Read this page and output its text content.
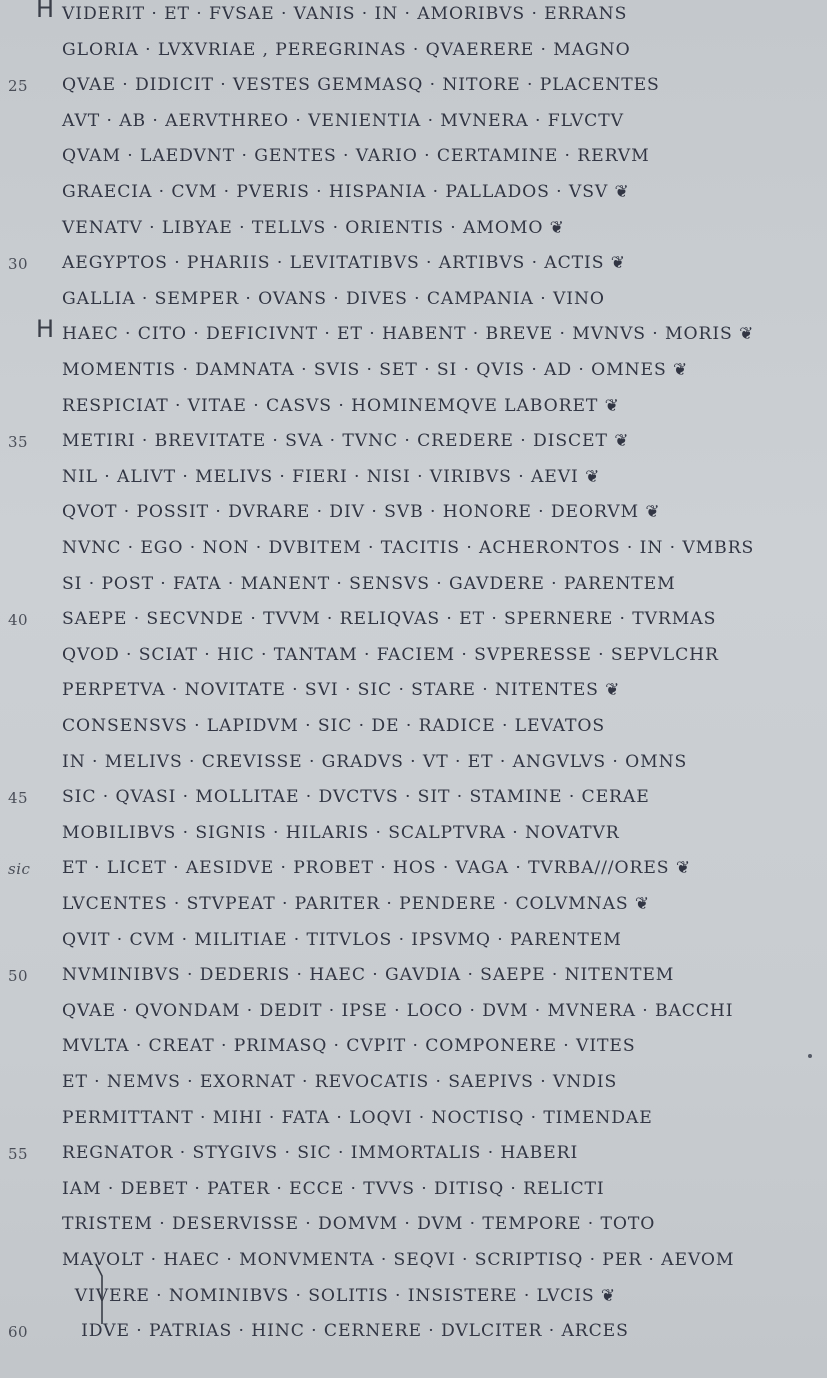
H VIDERIT · ET · FVSAE · VANIS · IN · AMORIBVS · ERRANS
GLORIA · LVXVRIAE , PEREGRINAS · QVAERERE · MAGNO
25	QVAE · DIDICIT · VESTES GEMMASQ · NITORE · PLACENTES
AVT · AB · AERVTHREO · VENIENTIA · MVNERA · FLVCTV
QVAM · LAEDVNT · GENTES · VARIO · CERTAMINE · RERVM
GRAECIA · CVM · PVERIS · HISPANIA · PALLADOS · VSV ❦
VENATV · LIBYAE · TELLVS · ORIENTIS · AMOMO ❦
30	AEGYPTOS · PHARIIS · LEVITATIBVS · ARTIBVS · ACTIS ❦
GALLIA · SEMPER · OVANS · DIVES · CAMPANIA · VINO
H HAEC · CITO · DEFICIVNT · ET · HABENT · BREVE · MVNVS · MORIS ❦
MOMENTIS · DAMNATA · SVIS · SET · SI · QVIS · AD · OMNES ❦
RESPICIAT · VITAE · CASVS · HOMINEMQVE LABORET ❦
35	METIRI · BREVITATE · SVA · TVNC · CREDERE · DISCET ❦
NIL · ALIVT · MELIVS · FIERI · NISI · VIRIBVS · AEVI ❦
QVOT · POSSIT · DVRARE · DIV · SVB · HONORE · DEORVM ❦
NVNC · EGO · NON · DVBITEM · TACITIS · ACHERONTOS · IN · VMBRS
SI · POST · FATA · MANENT · SENSVS · GAVDERE · PARENTEM
40	SAEPE · SECVNDE · TVVM · RELIQVAS · ET · SPERNERE · TVRMAS
QVOD · SCIAT · HIC · TANTAM · FACIEM · SVPERESSE · SEPVLCHR
PERPETVA · NOVITATE · SVI · SIC · STARE · NITENTES ❦
CONSENSVS · LAPIDVM · SIC · DE · RADICE · LEVATOS
IN · MELIVS · CREVISSE · GRADVS · VT · ET · ANGVLVS · OMNS
45	SIC · QVASI · MOLLITAE · DVCTVS · SIT · STAMINE · CERAE
MOBILIBVS · SIGNIS · HILARIS · SCALPTVRA · NOVATVR
sic	ET · LICET · AESIDVE · PROBET · HOS · VAGA · TVRBA///ORES ❦
LVCENTES · STVPEAT · PARITER · PENDERE · COLVMNAS ❦
QVIT · CVM · MILITIAE · TITVLOS · IPSVMQ · PARENTEM
50	NVMINIBVS · DEDERIS · HAEC · GAVDIA · SAEPE · NITENTEM
QVAE · QVONDAM · DEDIT · IPSE · LOCO · DVM · MVNERA · BACCHI
MVLTA · CREAT · PRIMASQ · CVPIT · COMPONERE · VITES
ET · NEMVS · EXORNAT · REVOCATIS · SAEPIVS · VNDIS
PERMITTANT · MIHI · FATA · LOQVI · NOCTISQ · TIMENDAE
55	REGNATOR · STYGIVS · SIC · IMMORTALIS · HABERI
IAM · DEBET · PATER · ECCE · TVVS · DITISQ · RELICTI
TRISTEM · DESERVISSE · DOMVM · DVM · TEMPORE · TOTO
MAVOLT · HAEC · MONVMENTA · SEQVI · SCRIPTISQ · PER · AEVOM
VIVERE · NOMINIBVS · SOLITIS · INSISTERE · LVCIS ❦
60	IDVE · PATRIAS · HINC · CERNERE · DVLCITER · ARCES
